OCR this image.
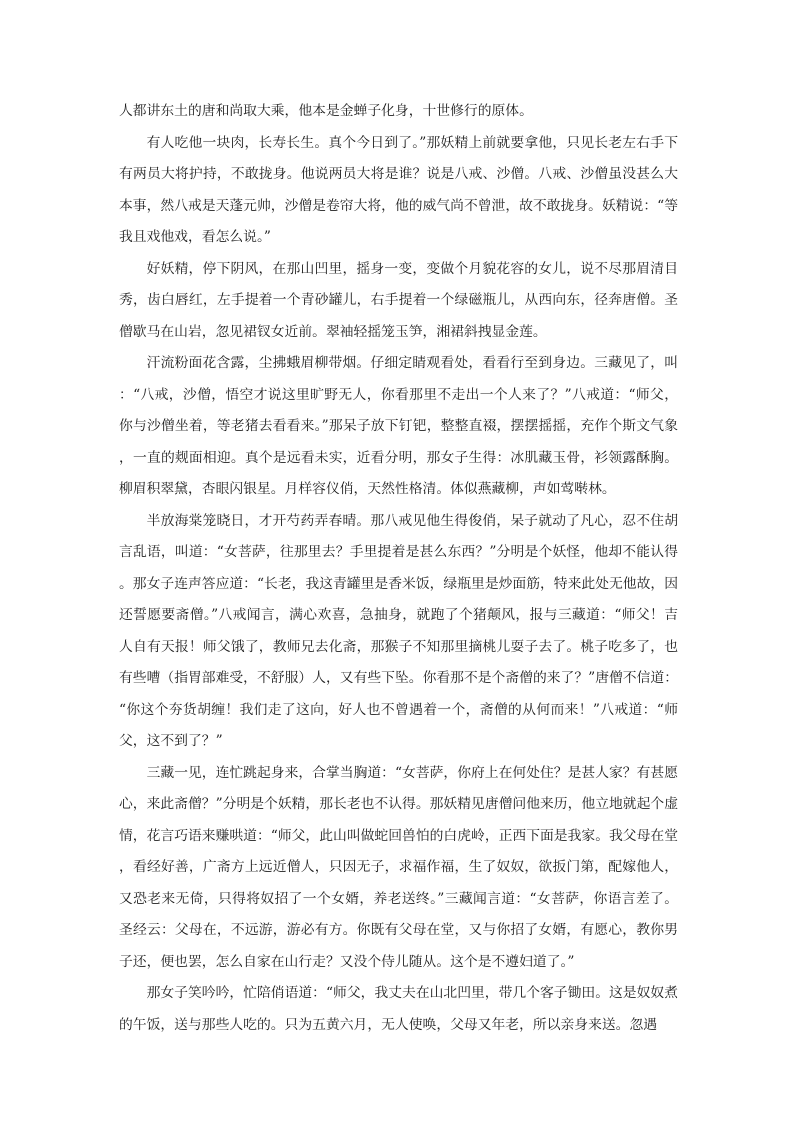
人都讲东土的唐和尚取大乘，他本是金蝉子化身，十世修行的原体。

有人吃他一块肉，长寿长生。真个今日到了。”那妖精上前就要拿他，只见长老左右手下有两员大将护持，不敢拢身。他说两员大将是谁？说是八戒、沙僧。八戒、沙僧虽没甚么大本事，然八戒是天蓬元帅，沙僧是卷帘大将，他的威气尚不曾泄，故不敢拢身。妖精说：“等我且戏他戏，看怎么说。”

好妖精，停下阴风，在那山凹里，摇身一变，变做个月貌花容的女儿，说不尽那眉清目秀，齿白唇红，左手提着一个青砂罐儿，右手提着一个绿磁瓶儿，从西向东，径奔唐僧。圣僧歇马在山岩，忽见裙钗女近前。翠袖轻摇笼玉笋，湘裙斜拽显金莲。

汗流粉面花含露，尘拂蛾眉柳带烟。仔细定睛观看处，看看行至到身边。三藏见了，叫：“八戒，沙僧，悟空才说这里旷野无人，你看那里不走出一个人来了？”八戒道：“师父，你与沙僧坐着，等老猪去看看来。”那呆子放下钉钯，整整直裰，摆摆摇摇，充作个斯文气象，一直的觌面相迎。真个是远看未实，近看分明，那女子生得：冰肌藏玉骨，衫领露酥胸。柳眉积翠黛，杏眼闪银星。月样容仪俏，天然性格清。体似燕藏柳，声如莺啭林。

半放海棠笼晓日，才开芍药弄春晴。那八戒见他生得俊俏，呆子就动了凡心，忍不住胡言乱语，叫道：“女菩萨，往那里去？手里提着是甚么东西？”分明是个妖怪，他却不能认得。那女子连声答应道：“长老，我这青罐里是香米饭，绿瓶里是炒面筋，特来此处无他故，因还誓愿要斋僧。”八戒闻言，满心欢喜，急抽身，就跑了个猪颠风，报与三藏道：“师父！吉人自有天报！师父饿了，教师兄去化斋，那猴子不知那里摘桃儿耍子去了。桃子吃多了，也有些嘈（指胃部难受，不舒服）人，又有些下坠。你看那不是个斋僧的来了？”唐僧不信道：“你这个夯货胡缠！我们走了这向，好人也不曾遇着一个，斋僧的从何而来！”八戒道：“师父，这不到了？”

三藏一见，连忙跳起身来，合掌当胸道：“女菩萨，你府上在何处住？是甚人家？有甚愿心，来此斋僧？”分明是个妖精，那长老也不认得。那妖精见唐僧问他来历，他立地就起个虚情，花言巧语来赚哄道：“师父，此山叫做蛇回兽怕的白虎岭，正西下面是我家。我父母在堂，看经好善，广斋方上远近僧人，只因无子，求福作福，生了奴奴，欲扳门第，配嫁他人，又恐老来无倚，只得将奴招了一个女婿，养老送终。”三藏闻言道：“女菩萨，你语言差了。圣经云：父母在，不远游，游必有方。你既有父母在堂，又与你招了女婿，有愿心，教你男子还，便也罢，怎么自家在山行走？又没个侍儿随从。这个是不遵妇道了。”

那女子笑吟吟，忙陪俏语道：“师父，我丈夫在山北凹里，带几个客子锄田。这是奴奴煮的午饭，送与那些人吃的。只为五黄六月，无人使唤，父母又年老，所以亲身来送。忽遇
